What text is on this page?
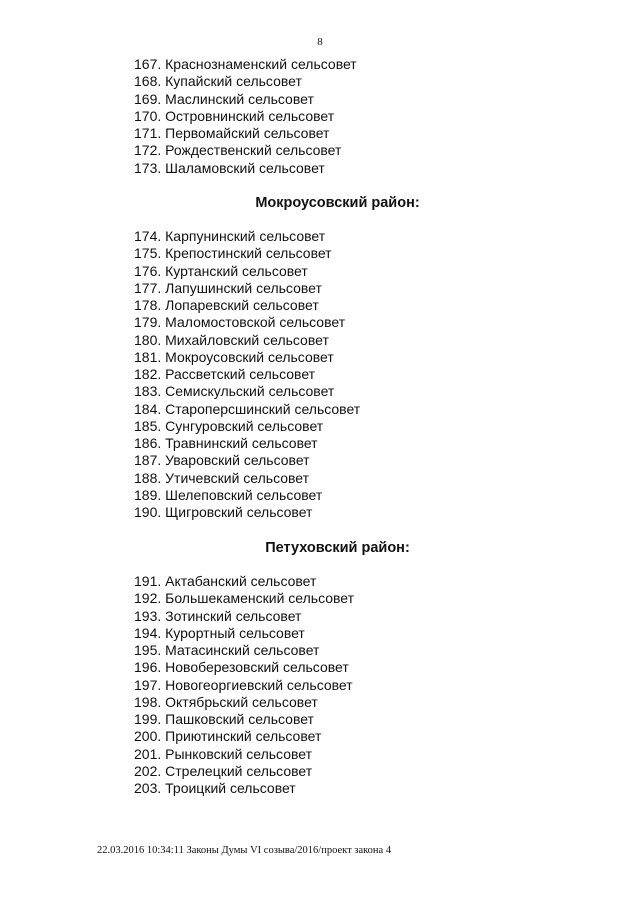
8
167. Краснознаменский сельсовет
168. Купайский сельсовет
169. Маслинский сельсовет
170. Островнинский сельсовет
171. Первомайский сельсовет
172. Рождественский сельсовет
173. Шаламовский сельсовет
Мокроусовский район:
174. Карпунинский сельсовет
175. Крепостинский сельсовет
176. Куртанский сельсовет
177. Лапушинский сельсовет
178. Лопаревский сельсовет
179. Маломостовской сельсовет
180. Михайловский сельсовет
181. Мокроусовский сельсовет
182. Рассветский сельсовет
183. Семискульский сельсовет
184. Староперсшинский сельсовет
185. Сунгуровский сельсовет
186. Травнинский сельсовет
187. Уваровский сельсовет
188. Утичевский сельсовет
189. Шелеповский сельсовет
190. Щигровский сельсовет
Петуховский район:
191. Актабанский сельсовет
192. Большекаменский сельсовет
193. Зотинский сельсовет
194. Курортный сельсовет
195. Матасинский сельсовет
196. Новоберезовский сельсовет
197. Новогеоргиевский сельсовет
198. Октябрьский сельсовет
199. Пашковский сельсовет
200. Приютинский сельсовет
201. Рынковский сельсовет
202. Стрелецкий сельсовет
203. Троицкий сельсовет
22.03.2016 10:34:11 Законы Думы VI созыва/2016/проект закона 4
